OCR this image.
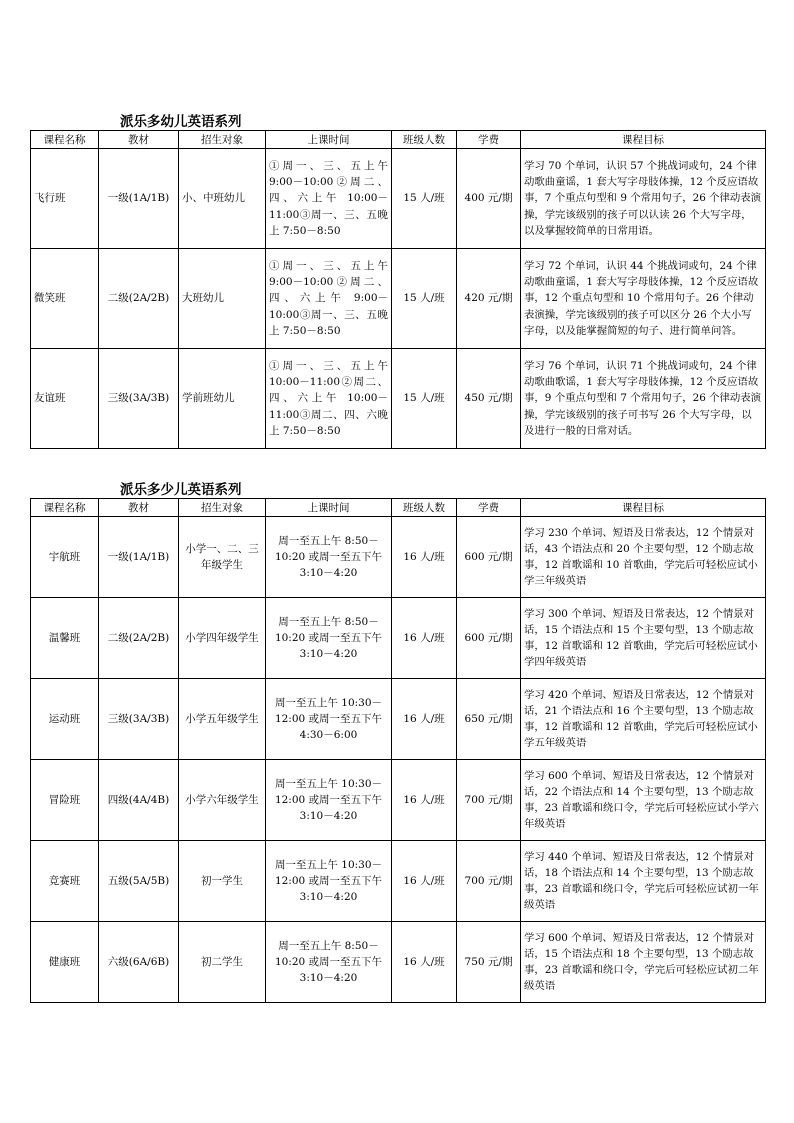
派乐多幼儿英语系列
课程名称	教材	招生对象	上课时间	班级人数	学费	课程目标
飞行班	一级(1A/1B)	小、中班幼儿	①周一、三、五上午 9:00－10:00②周二、四、六上午 10:00－11:00③周一、三、五晚上 7:50－8:50	15 人/班	400 元/期	学习 70 个单词，认识 57 个挑战词或句，24 个律动歌曲童谣，1 套大写字母肢体操，12 个反应语故事，7 个重点句型和 9 个常用句子，26 个律动表演操，学完该级别的孩子可以认读 26 个大写字母，以及掌握较简单的日常用语。
微笑班	二级(2A/2B)	大班幼儿	①周一、三、五上午 9:00－10:00②周二、四、六上午 9:00－10:00③周一、三、五晚上 7:50－8:50	15 人/班	420 元/期	学习 72 个单词，认识 44 个挑战词或句，24 个律动歌曲童谣，1 套大写字母肢体操，12 个反应语故事，12 个重点句型和 10 个常用句子。26 个律动表演操，学完该级别的孩子可以区分 26 个大小写字母，以及能掌握简短的句子、进行简单问答。
友谊班	三级(3A/3B)	学前班幼儿	①周一、三、五上午 10:00－11:00②周二、四、六上午 10:00－11:00③周二、四、六晚上 7:50－8:50	15 人/班	450 元/期	学习 76 个单词，认识 71 个挑战词或句，24 个律动歌曲歌谣，1 套大写字母肢体操，12 个反应语故事，9 个重点句型和 7 个常用句子，26 个律动表演操，学完该级别的孩子可书写 26 个大写字母，以及进行一般的日常对话。
派乐多少儿英语系列
课程名称	教材	招生对象	上课时间	班级人数	学费	课程目标
宇航班	一级(1A/1B)	小学一、二、三年级学生	周一至五上午 8:50－10:20 或周一至五下午 3:10－4:20	16 人/班	600 元/期	学习 230 个单词、短语及日常表达，12 个情景对话，43 个语法点和 20 个主要句型，12 个励志故事，12 首歌谣和 10 首歌曲，学完后可轻松应试小学三年级英语
温馨班	二级(2A/2B)	小学四年级学生	周一至五上午 8:50－10:20 或周一至五下午 3:10－4:20	16 人/班	600 元/期	学习 300 个单词、短语及日常表达，12 个情景对话，15 个语法点和 15 个主要句型，13 个励志故事，12 首歌谣和 12 首歌曲，学完后可轻松应试小学四年级英语
运动班	三级(3A/3B)	小学五年级学生	周一至五上午 10:30－12:00 或周一至五下午 4:30－6:00	16 人/班	650 元/期	学习 420 个单词、短语及日常表达，12 个情景对话，21 个语法点和 16 个主要句型，13 个励志故事，12 首歌谣和 12 首歌曲，学完后可轻松应试小学五年级英语
冒险班	四级(4A/4B)	小学六年级学生	周一至五上午 10:30－12:00 或周一至五下午 3:10－4:20	16 人/班	700 元/期	学习 600 个单词、短语及日常表达，12 个情景对话，22 个语法点和 14 个主要句型，13 个励志故事，23 首歌谣和绕口令，学完后可轻松应试小学六年级英语
竞赛班	五级(5A/5B)	初一学生	周一至五上午 10:30－12:00 或周一至五下午 3:10－4:20	16 人/班	700 元/期	学习 440 个单词、短语及日常表达，12 个情景对话，18 个语法点和 14 个主要句型，13 个励志故事，23 首歌谣和绕口令，学完后可轻松应试初一年级英语
健康班	六级(6A/6B)	初二学生	周一至五上午 8:50－10:20 或周一至五下午 3:10－4:20	16 人/班	750 元/期	学习 600 个单词、短语及日常表达，12 个情景对话，15 个语法点和 18 个主要句型，13 个励志故事，23 首歌谣和绕口令，学完后可轻松应试初二年级英语
